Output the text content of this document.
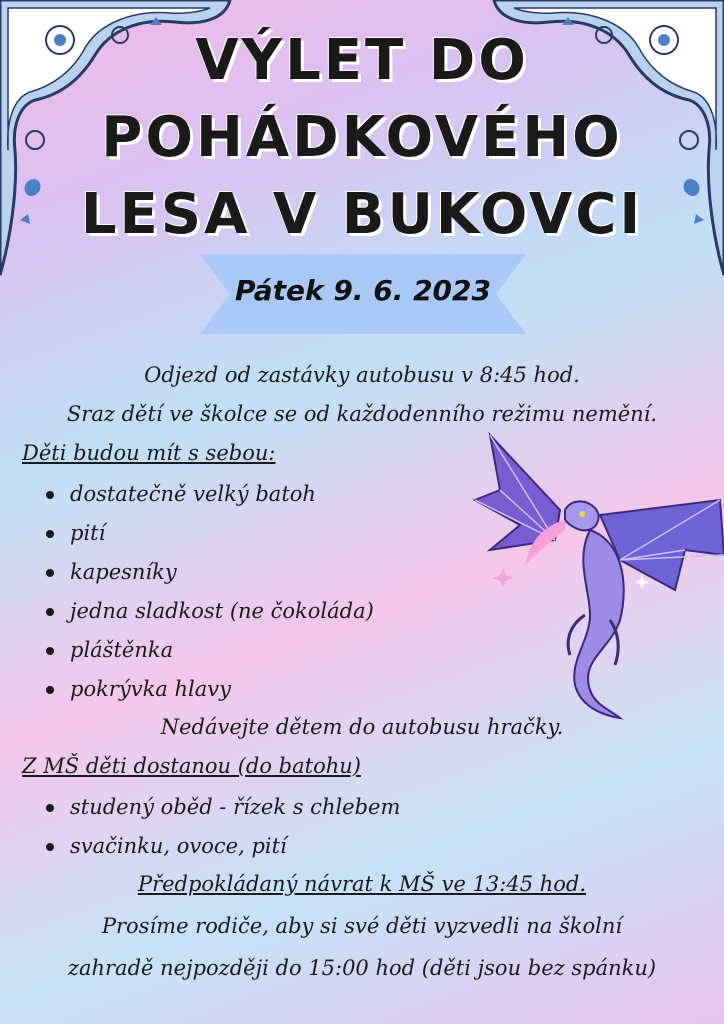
VÝLET DO
POHÁDKOVÉHO
LESA V BUKOVCI
Pátek 9. 6. 2023
Odjezd od zastávky autobusu v 8:45 hod.
Sraz dětí ve školce se od každodenního režimu nemění.
Děti budou mít s sebou:
dostatečně velký batoh
pití
kapesníky
jedna sladkost (ne čokoláda)
pláštěnka
pokrývka hlavy
Nedávejte dětem do autobusu hračky.
Z MŠ děti dostanou (do batohu)
studený oběd - řízek s chlebem
svačinku, ovoce, pití
Předpokládaný návrat k MŠ ve 13:45 hod.
Prosíme rodiče, aby si své děti vyzvedli na školní
zahradě nejpozději do 15:00 hod (děti jsou bez spánku)
